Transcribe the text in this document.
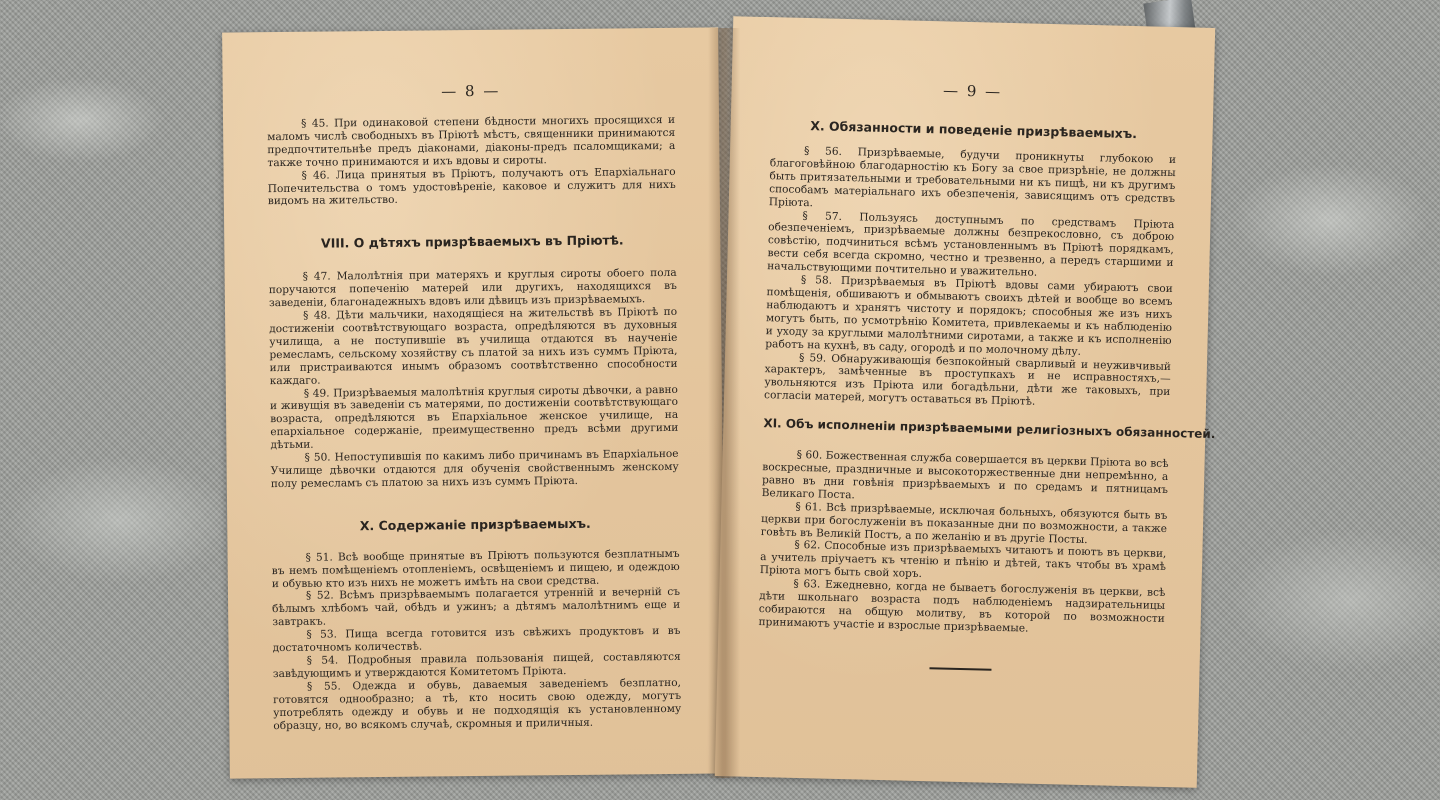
— 8 —

§ 45. При одинаковой степени бѣдности многихъ просящихся и маломъ числѣ свободныхъ въ Пріютѣ мѣстъ, священники принимаются предпочтительнѣе предъ діаконами, діаконы-предъ псаломщиками; а также точно принимаются и ихъ вдовы и сироты.

§ 46. Лица принятыя въ Пріютъ, получаютъ отъ Епархіальнаго Попечительства о томъ удостовѣреніе, каковое и служитъ для нихъ видомъ на жительство.

VIII. О дѣтяхъ призрѣваемыхъ въ Пріютѣ.

§ 47. Малолѣтнія при матеряхъ и круглыя сироты обоего пола поручаются попеченію матерей или другихъ, находящихся въ заведеніи, благонадежныхъ вдовъ или дѣвицъ изъ призрѣваемыхъ.

§ 48. Дѣти мальчики, находящіеся на жительствѣ въ Пріютѣ по достиженіи соотвѣтствующаго возраста, опредѣляются въ духовныя училища, а не поступившіе въ училища отдаются въ наученіе ремесламъ, сельскому хозяйству съ платой за нихъ изъ суммъ Пріюта, или пристраиваются инымъ образомъ соотвѣтственно способности каждаго.

§ 49. Призрѣваемыя малолѣтнія круглыя сироты дѣвочки, а равно и живущія въ заведеніи съ матерями, по достиженіи соотвѣтствующаго возраста, опредѣляются въ Епархіальное женское училище, на епархіальное содержаніе, преимущественно предъ всѣми другими дѣтьми.

§ 50. Непоступившія по какимъ либо причинамъ въ Епархіальное Училище дѣвочки отдаются для обученія свойственнымъ женскому полу ремесламъ съ платою за нихъ изъ суммъ Пріюта.

X. Содержаніе призрѣваемыхъ.

§ 51. Всѣ вообще принятые въ Пріютъ пользуются безплатнымъ въ немъ помѣщеніемъ отопленіемъ, освѣщеніемъ и пищею, и одеждою и обувью кто изъ нихъ не можетъ имѣть на свои средства.

§ 52. Всѣмъ призрѣваемымъ полагается утренній и вечерній съ бѣлымъ хлѣбомъ чай, обѣдъ и ужинъ; а дѣтямъ малолѣтнимъ еще и завтракъ.

§ 53. Пища всегда готовится изъ свѣжихъ продуктовъ и въ достаточномъ количествѣ.

§ 54. Подробныя правила пользованія пищей, составляются завѣдующимъ и утверждаются Комитетомъ Пріюта.

§ 55. Одежда и обувь, даваемыя заведеніемъ безплатно, готовятся однообразно; а тѣ, кто носить свою одежду, могутъ употреблять одежду и обувь и не подходящія къ установленному образцу, но, во всякомъ случаѣ, скромныя и приличныя.

— 9 —
X. Обязанности и поведеніе призрѣваемыхъ.

§ 56. Призрѣваемые, будучи проникнуты глубокою и благоговѣйною благодарностію къ Богу за свое призрѣніе, не должны быть притязательными и требовательными ни къ пищѣ, ни къ другимъ способамъ матеріальнаго ихъ обезпеченія, зависящимъ отъ средствъ Пріюта.

§ 57. Пользуясь доступнымъ по средствамъ Пріюта обезпеченіемъ, призрѣваемые должны безпрекословно, съ доброю совѣстію, подчиниться всѣмъ установленнымъ въ Пріютѣ порядкамъ, вести себя всегда скромно, честно и трезвенно, а передъ старшими и начальствующими почтительно и уважительно.

§ 58. Призрѣваемыя въ Пріютѣ вдовы сами убираютъ свои помѣщенія, обшиваютъ и обмываютъ своихъ дѣтей и вообще во всемъ наблюдаютъ и хранятъ чистоту и порядокъ; способныя же изъ нихъ могутъ быть, по усмотрѣнію Комитета, привлекаемы и къ наблюденію и уходу за круглыми малолѣтними сиротами, а также и къ исполненію работъ на кухнѣ, въ саду, огородѣ и по молочному дѣлу.

§ 59. Обнаруживающія безпокойный сварливый и неуживчивый характеръ, замѣченные въ проступкахъ и не исправностяхъ,— увольняются изъ Пріюта или богадѣльни, дѣти же таковыхъ, при согласіи матерей, могутъ оставаться въ Пріютѣ.

XI. Объ исполненіи призрѣваемыми религіозныхъ обязанностей.

§ 60. Божественная служба совершается въ церкви Пріюта во всѣ воскресные, праздничные и высокоторжественные дни непремѣнно, а равно въ дни говѣнія призрѣваемыхъ и по средамъ и пятницамъ Великаго Поста.

§ 61. Всѣ призрѣваемые, исключая больныхъ, обязуются быть въ церкви при богослуженіи въ показанные дни по возможности, а также говѣть въ Великій Постъ, а по желанію и въ другіе Посты.

§ 62. Способные изъ призрѣваемыхъ читаютъ и поютъ въ церкви, а учитель пріучаетъ къ чтенію и пѣнію и дѣтей, такъ чтобы въ храмѣ Пріюта могъ быть свой хоръ.

§ 63. Ежедневно, когда не бываетъ богослуженія въ церкви, всѣ дѣти школьнаго возраста подъ наблюденіемъ надзирательницы собираются на общую молитву, въ которой по возможности принимаютъ участіе и взрослые призрѣваемые.
